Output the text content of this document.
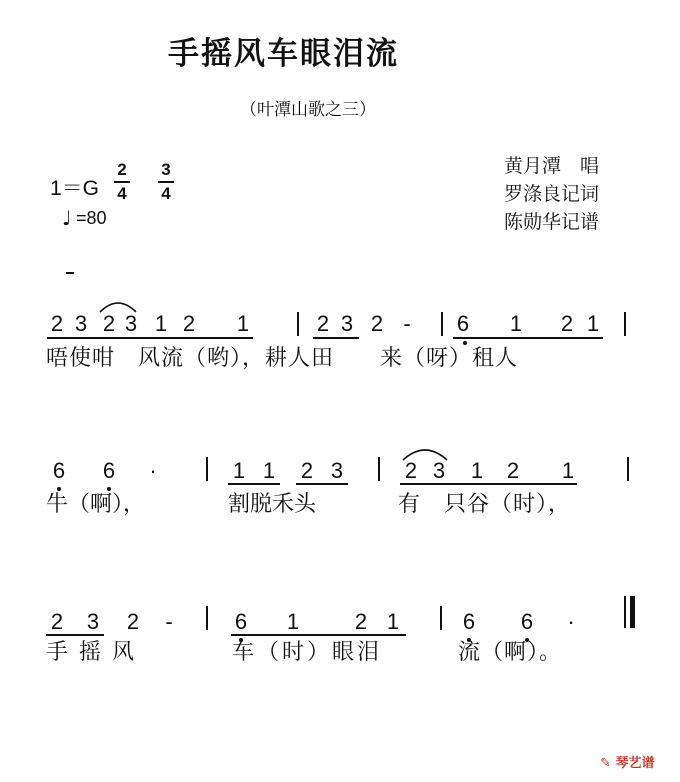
手摇风车眼泪流
（叶潭山歌之三）
黄月潭　唱
罗涤良记词
陈勋华记谱
1＝G
2
4
3
4
♩ =80
2 3 2 3 1 2 1	2 3 2 -	6 1 2 1
唔使咁　风流（哟），耕人田　　来（呀）租人
6 6	·	1 1 2 3	2 3 1 2 1
牛（啊），	割脱禾头	有　只谷（时），
2 3 2	-	6 1	2 1	6 6	·
手 摇 风	车（时）眼泪	流（啊）。
✎ 琴艺谱
